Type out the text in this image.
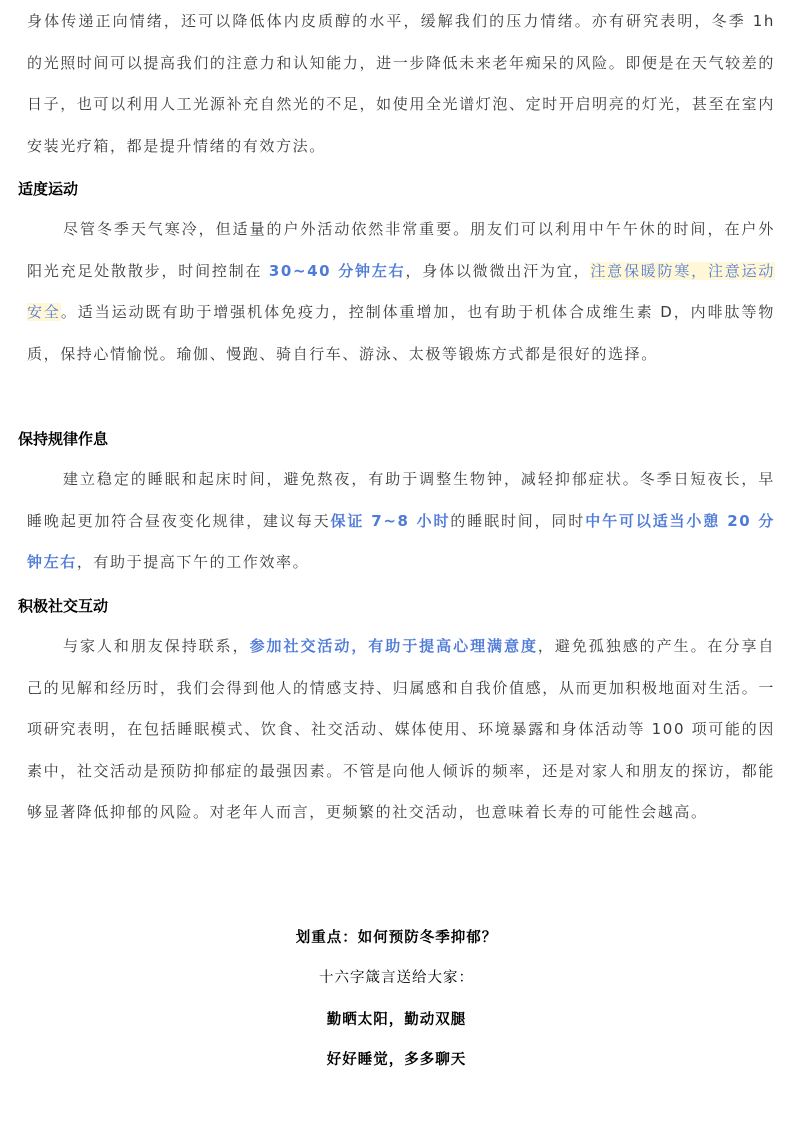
身体传递正向情绪，还可以降低体内皮质醇的水平，缓解我们的压力情绪。亦有研究表明，冬季 1h 的光照时间可以提高我们的注意力和认知能力，进一步降低未来老年痴呆的风险。即便是在天气较差的日子，也可以利用人工光源补充自然光的不足，如使用全光谱灯泡、定时开启明亮的灯光，甚至在室内安装光疗箱，都是提升情绪的有效方法。

适度运动

尽管冬季天气寒冷，但适量的户外活动依然非常重要。朋友们可以利用中午午休的时间，在户外阳光充足处散散步，时间控制在 30~40 分钟左右，身体以微微出汗为宜，注意保暖防寒，注意运动安全。适当运动既有助于增强机体免疫力，控制体重增加，也有助于机体合成维生素 D，内啡肽等物质，保持心情愉悦。瑜伽、慢跑、骑自行车、游泳、太极等锻炼方式都是很好的选择。

保持规律作息

建立稳定的睡眠和起床时间，避免熬夜，有助于调整生物钟，减轻抑郁症状。冬季日短夜长，早睡晚起更加符合昼夜变化规律，建议每天保证 7~8 小时的睡眠时间，同时中午可以适当小憩 20 分钟左右，有助于提高下午的工作效率。

积极社交互动

与家人和朋友保持联系，参加社交活动，有助于提高心理满意度，避免孤独感的产生。在分享自己的见解和经历时，我们会得到他人的情感支持、归属感和自我价值感，从而更加积极地面对生活。一项研究表明，在包括睡眠模式、饮食、社交活动、媒体使用、环境暴露和身体活动等 100 项可能的因素中，社交活动是预防抑郁症的最强因素。不管是向他人倾诉的频率，还是对家人和朋友的探访，都能够显著降低抑郁的风险。对老年人而言，更频繁的社交活动，也意味着长寿的可能性会越高。

划重点：如何预防冬季抑郁？

十六字箴言送给大家：

勤晒太阳，勤动双腿

好好睡觉，多多聊天
